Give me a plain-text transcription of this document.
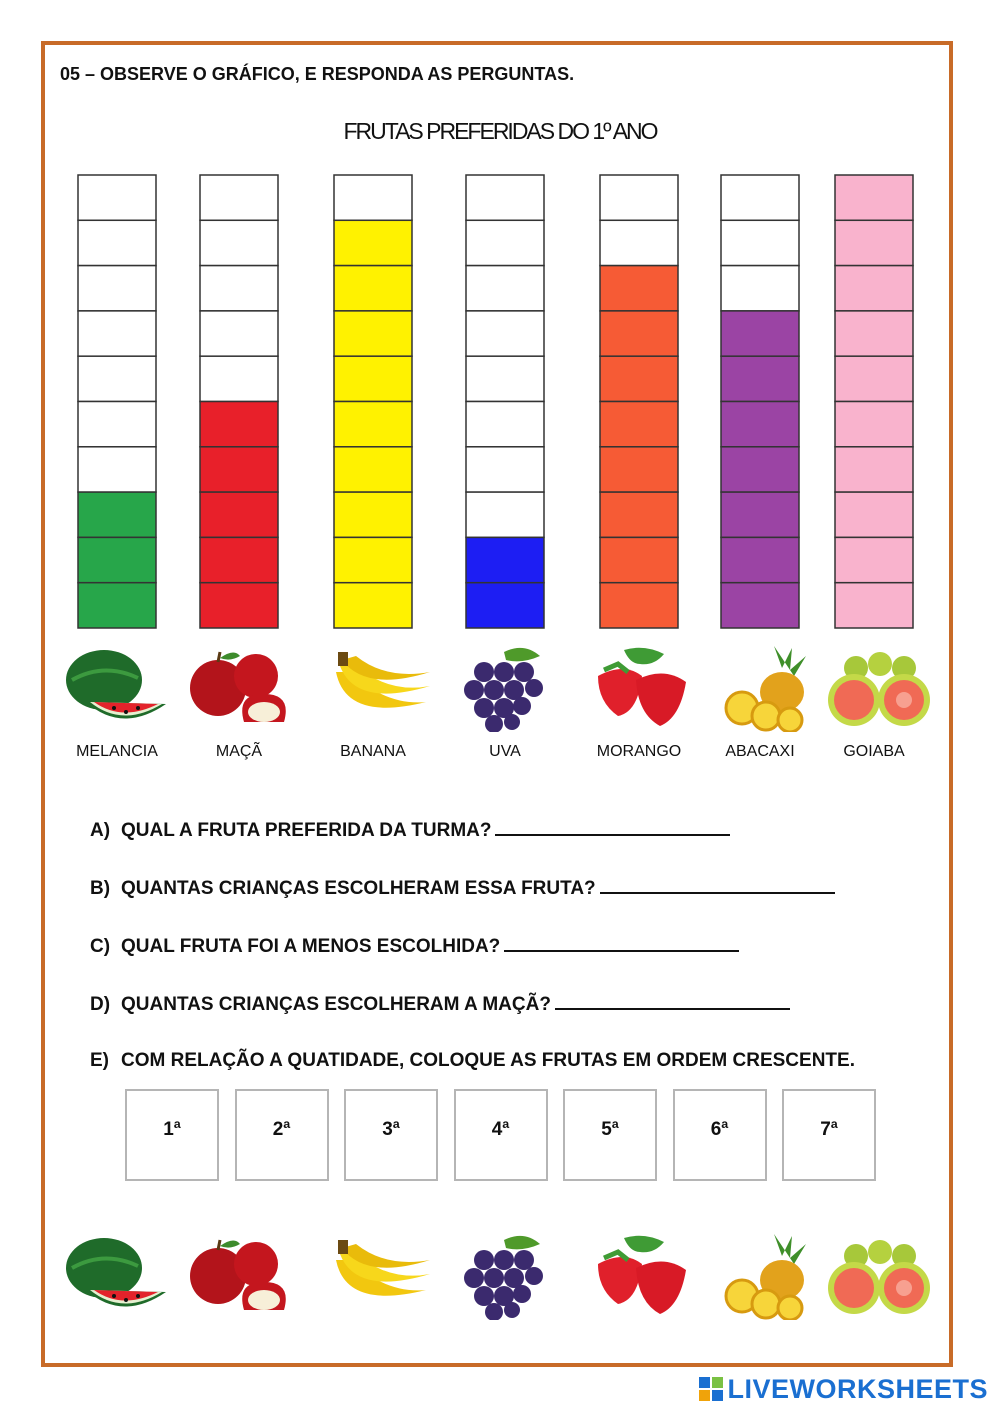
05 – OBSERVE O GRÁFICO, E RESPONDA AS PERGUNTAS.
FRUTAS PREFERIDAS DO 1º ANO
MELANCIA	MAÇÃ	BANANA	UVA	MORANGO	ABACAXI	GOIABA
A) QUAL A FRUTA PREFERIDA DA TURMA?
B) QUANTAS CRIANÇAS ESCOLHERAM ESSA FRUTA?
C) QUAL FRUTA FOI A MENOS ESCOLHIDA?
D) QUANTAS CRIANÇAS ESCOLHERAM A MAÇÃ?
E) COM RELAÇÃO A QUATIDADE, COLOQUE AS FRUTAS EM ORDEM CRESCENTE.
1ª	2ª	3ª	4ª	5ª	6ª	7ª
LIVEWORKSHEETS
